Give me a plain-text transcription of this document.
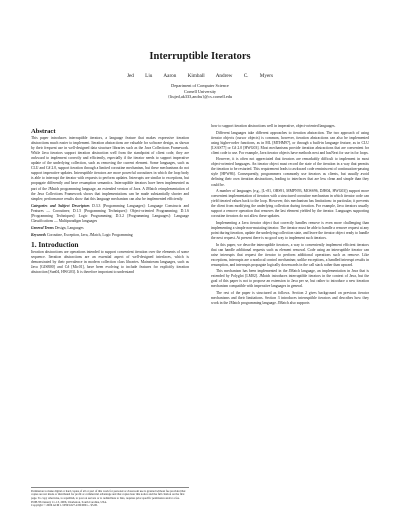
Interruptible Iterators
Jed Liu Aaron Kimball Andrew C. Myers
Department of Computer Science
Cornell University
{liujed,ak333,andru}@cs.cornell.edu
Abstract

This paper introduces interruptible iterators, a language feature that makes expressive iteration abstractions much easier to implement. Iteration abstractions are valuable for software design, as shown by their frequent use in well-designed data structure libraries such as the Java Collections Framework. While Java iterators support iteration abstraction well from the standpoint of client code, they are awkward to implement correctly and efficiently, especially if the iterator needs to support imperative update of the underlying collection, such as removing the current element. Some languages, such as CLU and C# 2.0, support iteration through a limited coroutine mechanism, but these mechanisms do not support imperative updates. Interruptible iterators are more powerful coroutines in which the loop body is able to interrupt the iterator with requests to perform updates. Interrupts are similar to exceptions, but propagate differently and have resumption semantics. Interruptible iterators have been implemented as part of the JMatch programming language, an extended version of Java. A JMatch reimplementation of the Java Collections Framework shows that implementations can be made substantially shorter and simpler; performance results show that this language mechanism can also be implemented efficiently.

Categories and Subject Descriptors D.3.3 [Programming Languages]: Language Constructs and Features — Coroutines; D.1.5 [Programming Techniques]: Object-oriented Programming; D.1.6 [Programming Techniques]: Logic Programming; D.3.2 [Programming Languages]: Language Classifications — Multiparadigm languages
General Terms Design, Languages
Keywords Coroutine, Exception, Java, JMatch, Logic Programming
1. Introduction

Iteration abstractions are operations intended to support convenient iteration over the elements of some sequence. Iteration abstractions are an essential aspect of well-designed interfaces, which is demonstrated by their prevalence in modern collection class libraries. Mainstream languages, such as Java [GJSB00] and C# [Mic01], have been evolving to include features for explicitly iteration abstraction [Sun04, HWG03]. It is therefore important to understand

how to support iteration abstractions well in imperative, object-oriented languages.

Different languages take different approaches to iteration abstraction. The two approach of using iterator objects (cursor objects) is common, however, iteration abstractions can also be implemented using higher-order functions, as in ML [MTHM97], or through a built-in language feature, as in CLU [LSAS77] or C# 2.0 [HWG03]. Most mechanisms provide iteration abstractions that are convenient for client code to use. For example, Java iterator objects have methods next and hasNext for use in for loops.

However, it is often not appreciated that iterators are remarkably difficult to implement in most object-oriented languages. An iterator object must record the state of the iteration in a way that permits the iteration to be restarted. This requirement leads to awkward code reminiscent of continuation-passing style [HFW86]. Consequently, programmers commonly use iterators as clients, but usually avoid defining their own iteration abstractions, leading to interfaces that are less clean and simple than they could be.

A number of languages (e.g., [L+81, ORS91, MMPN93, MOSS96, DJH04, HWG03]) support more convenient implementation of iterators with a structured coroutine mechanism in which iterator code can yield iterated values back to the loop. However, this mechanism has limitations: in particular, it prevents the client from modifying the underlying collection during iteration. For example, Java iterators usually support a remove operation that removes the last element yielded by the iterator. Languages supporting coroutine iterators do not allow these updates.

Implementing a Java iterator object that correctly handles remove is even more challenging than implementing a simple non-mutating iterator. The iterator must be able to handle a remove request at any point during iteration, update the underlying collection state, and leave the iterator object ready to handle the next request. At present there is no good way to implement such iterators.

In this paper, we describe interruptible iterators, a way to conveniently implement efficient iterators that can handle additional requests such as element removal. Code using an interruptible iterator can raise interrupts that request the iterator to perform additional operations such as remove. Like exceptions, interrupts are a nonlocal control mechanism; unlike exceptions, a handled interrupt results in resumption, and interrupts propagate logically downwards in the call stack rather than upward.

This mechanism has been implemented in the JMatch language, an implementation in Java that is extended by Polyglot [LM02]. JMatch introduces interruptible iterators in the context of Java, but the goal of this paper is not to propose an extension to Java per se, but rather to introduce a new iteration mechanism compatible with imperative languages in general.

The rest of the paper is structured as follows. Section 2 gives background on previous iterator mechanisms and their limitations. Section 3 introduces interruptible iterators and describes how they work in the JMatch programming language. JMatch also supports

Permission to make digital or hard copies of all or part of this work for personal or classroom use is granted without fee provided that copies are not made or distributed for profit or commercial advantage and that copies bear this notice and the full citation on the first page. To copy otherwise, to republish, to post on servers or to redistribute to lists, requires prior specific permission and/or a fee.
POPL'06 January 11–13, 2006, Charleston, South Carolina, USA.
Copyright © 2006 ACM 1-59593-027-2/06/0001... $5.00.
